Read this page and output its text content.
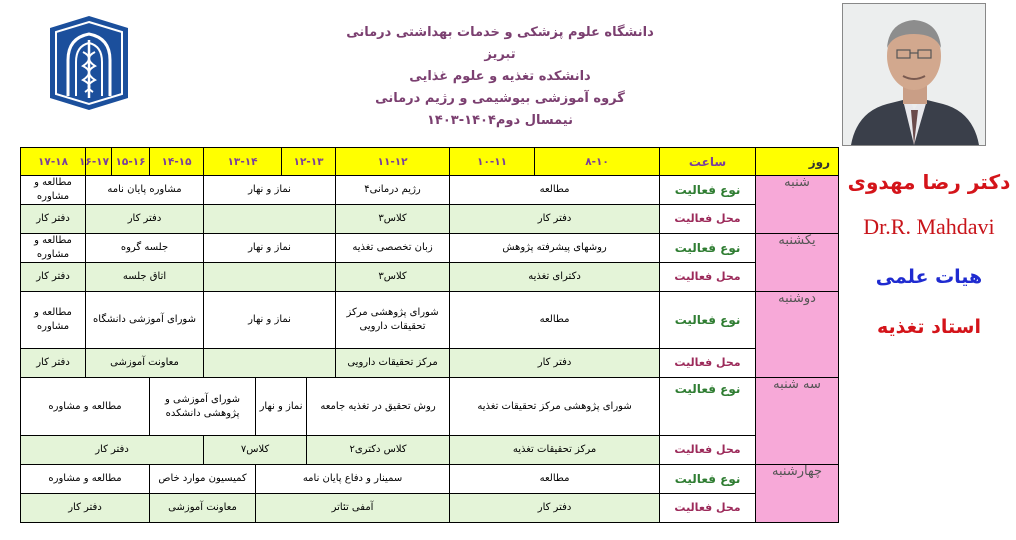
دانشگاه علوم پزشکی و خدمات بهداشتی درمانی تبریز
دانشکده تغذیه و علوم غذایی
گروه آموزشی بیوشیمی و رژیم درمانی
نیمسال دوم۱۴۰۴-۱۴۰۳
دکتر رضا مهدوی
Dr.R. Mahdavi
هیات علمی
استاد تغذیه
روز	ساعت	۸-۱۰	۱۰-۱۱	۱۱-۱۲	۱۲-۱۳		۱۳-۱۴		۱۴-۱۵	۱۵-۱۶	۱۶-۱۷	۱۷-۱۸
شنبه	نوع فعالیت	مطالعه		رژیم درمانی۴	نماز و نهار				مشاوره پایان نامه			مطالعه و مشاوره
	محل فعالیت	دفتر کار		کلاس۳					دفتر کار			دفتر کار
یکشنبه	نوع فعالیت	روشهای پیشرفته پژوهش		زبان تخصصی تغذیه	نماز و نهار				جلسه گروه			مطالعه و مشاوره
	محل فعالیت	دکترای تغذیه		کلاس۳					اتاق جلسه			دفتر کار
دوشنبه	نوع فعالیت	مطالعه		شورای پژوهشی مرکز تحقیقات دارویی	نماز و نهار				شورای آموزشی دانشگاه			مطالعه و مشاوره
	محل فعالیت	دفتر کار		مرکز تحقیقات دارویی					معاونت آموزشی			دفتر کار
سه شنبه	نوع فعالیت	شورای پژوهشی مرکز تحقیقات تغذیه		روش تحقیق در تغذیه جامعه		نماز و نهار		شورای آموزشی و پژوهشی دانشکده		مطالعه و مشاوره		
	محل فعالیت	مرکز تحقیقات تغذیه		کلاس دکتری۲		کلاس۷			دفتر کار			
چهارشنبه	نوع فعالیت	مطالعه		سمینار و دفاع پایان نامه				کمیسیون موارد خاص		مطالعه و مشاوره		
	محل فعالیت	دفتر کار		آمفی تئاتر				معاونت آموزشی		دفتر کار		
